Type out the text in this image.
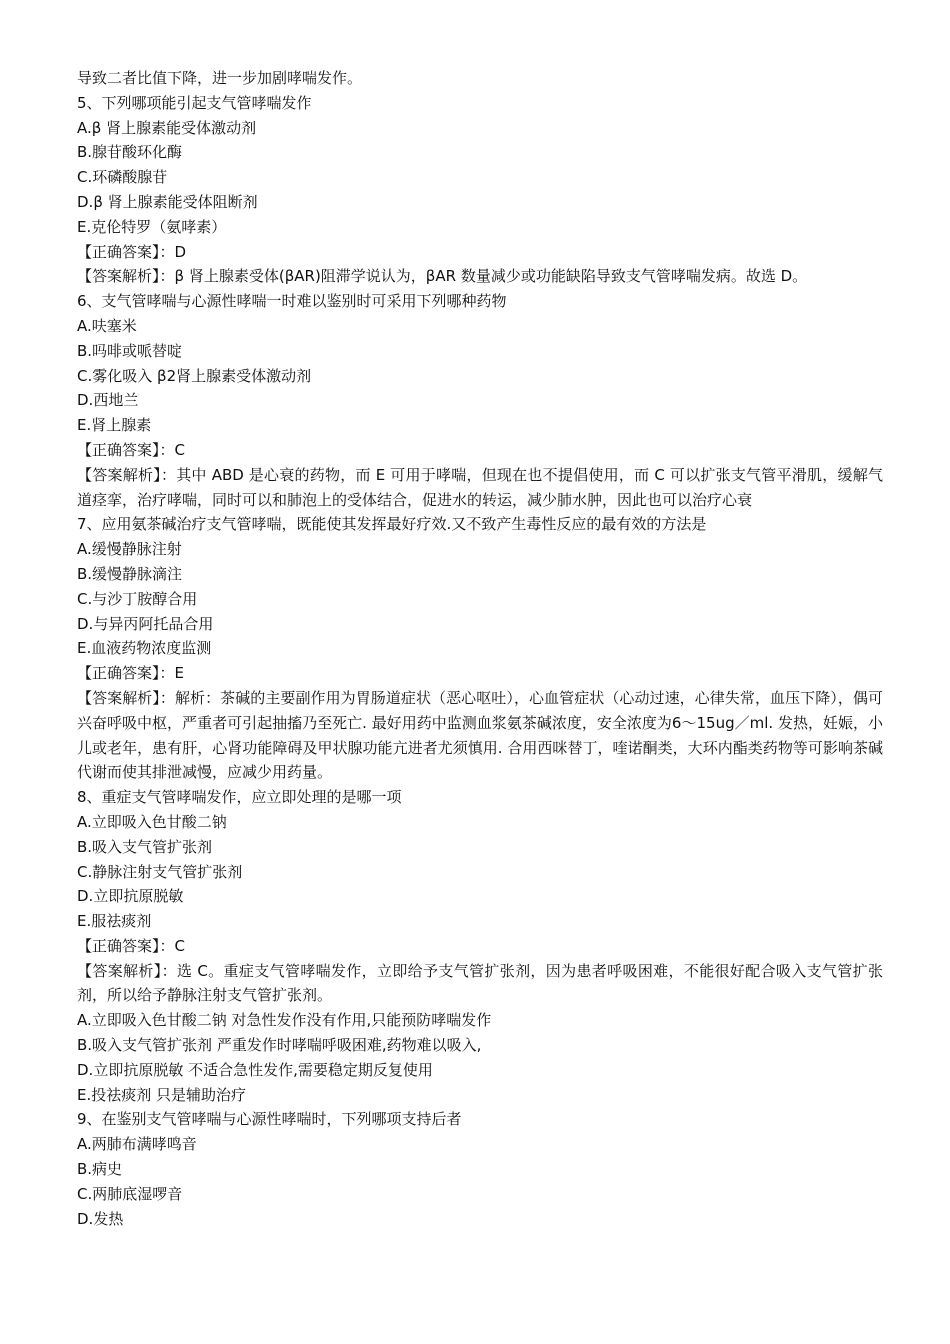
导致二者比值下降，进一步加剧哮喘发作。
5、下列哪项能引起支气管哮喘发作
A.β 肾上腺素能受体激动剂
B.腺苷酸环化酶
C.环磷酸腺苷
D.β 肾上腺素能受体阻断剂
E.克伦特罗（氨哮素）
【正确答案】：D
【答案解析】：β 肾上腺素受体(βAR)阻滞学说认为，βAR 数量减少或功能缺陷导致支气管哮喘发病。故选 D。
6、支气管哮喘与心源性哮喘一时难以鉴别时可采用下列哪种药物
A.呋塞米
B.吗啡或哌替啶
C.雾化吸入 β2肾上腺素受体激动剂
D.西地兰
E.肾上腺素
【正确答案】：C
【答案解析】：其中 ABD 是心衰的药物，而 E 可用于哮喘，但现在也不提倡使用，而 C 可以扩张支气管平滑肌，缓解气道痉挛，治疗哮喘，同时可以和肺泡上的受体结合，促进水的转运，减少肺水肿，因此也可以治疗心衰
7、应用氨茶碱治疗支气管哮喘，既能使其发挥最好疗效.又不致产生毒性反应的最有效的方法是
A.缓慢静脉注射
B.缓慢静脉滴注
C.与沙丁胺醇合用
D.与异丙阿托品合用
E.血液药物浓度监测
【正确答案】：E
【答案解析】：解析：茶碱的主要副作用为胃肠道症状（恶心呕吐），心血管症状（心动过速，心律失常，血压下降），偶可兴奋呼吸中枢，严重者可引起抽搐乃至死亡. 最好用药中监测血浆氨茶碱浓度，安全浓度为6～15ug／ml. 发热，妊娠，小儿或老年，患有肝，心肾功能障碍及甲状腺功能亢进者尤须慎用. 合用西咪替丁，喹诺酮类，大环内酯类药物等可影响茶碱代谢而使其排泄减慢，应减少用药量。
8、重症支气管哮喘发作，应立即处理的是哪一项
A.立即吸入色甘酸二钠
B.吸入支气管扩张剂
C.静脉注射支气管扩张剂
D.立即抗原脱敏
E.服祛痰剂
【正确答案】：C
【答案解析】：选 C。重症支气管哮喘发作，立即给予支气管扩张剂，因为患者呼吸困难，不能很好配合吸入支气管扩张剂，所以给予静脉注射支气管扩张剂。
A.立即吸入色甘酸二钠 对急性发作没有作用,只能预防哮喘发作
B.吸入支气管扩张剂 严重发作时哮喘呼吸困难,药物难以吸入,
D.立即抗原脱敏 不适合急性发作,需要稳定期反复使用
E.投祛痰剂 只是辅助治疗
9、在鉴别支气管哮喘与心源性哮喘时，下列哪项支持后者
A.两肺布满哮鸣音
B.病史
C.两肺底湿啰音
D.发热
